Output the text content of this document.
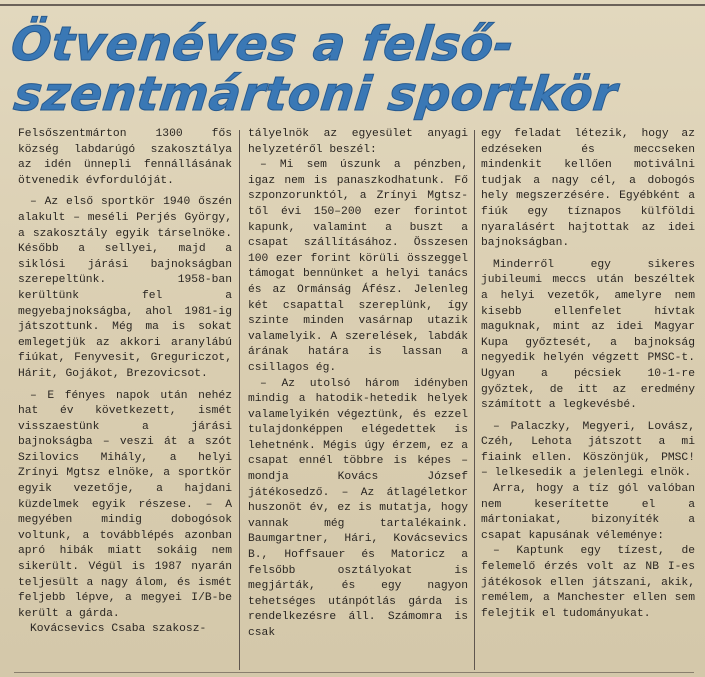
Ötvenéves a felső-
szentmártoni sportkör

Felsőszentmárton 1300 fős község labdarúgó szakosztálya az idén ünnepli fennállásának ötvenedik évfordulóját.

– Az első sportkör 1940 őszén alakult – meséli Perjés György, a szakosztály egyik társelnöke. Később a sellyei, majd a siklósi járási bajnokságban szerepeltünk. 1958-ban kerültünk fel a megyebajnokságba, ahol 1981-ig játszottunk. Még ma is sokat emlegetjük az akkori aranylábú fiúkat, Fenyvesit, Greguriczot, Hárit, Gojákot, Brezovicsot.

– E fényes napok után nehéz hat év következett, ismét visszaestünk a járási bajnokságba – veszi át a szót Szilovics Mihály, a helyi Zrínyi Mgtsz elnöke, a sportkör egyik vezetője, a hajdani küzdelmek egyik részese. – A megyében mindig dobogósok voltunk, a továbblépés azonban apró hibák miatt sokáig nem sikerült. Végül is 1987 nyarán teljesült a nagy álom, és ismét feljebb lépve, a megyei I/B-be került a gárda.

Kovácsevics Csaba szakosz-

tályelnök az egyesület anyagi helyzetéről beszél:

– Mi sem úszunk a pénzben, igaz nem is panaszkodhatunk. Fő szponzorunktól, a Zrínyi Mgtsz-től évi 150–200 ezer forintot kapunk, valamint a buszt a csapat szállításához. Összesen 100 ezer forint körüli összeggel támogat bennünket a helyi tanács és az Ormánság Áfész. Jelenleg két csapattal szereplünk, így szinte minden vasárnap utazik valamelyik. A szerelések, labdák árának határa is lassan a csillagos ég.

– Az utolsó három idényben mindig a hatodik-hetedik helyek valamelyikén végeztünk, és ezzel tulajdonképpen elégedettek is lehetnénk. Mégis úgy érzem, ez a csapat ennél többre is képes – mondja Kovács József játékosedző. – Az átlagéletkor huszonöt év, ez is mutatja, hogy vannak még tartalékaink. Baumgartner, Hári, Kovácsevics B., Hoffsauer és Matoricz a felsőbb osztályokat is megjárták, és egy nagyon tehetséges utánpótlás gárda is rendelkezésre áll. Számomra is csak

egy feladat létezik, hogy az edzéseken és meccseken mindenkit kellően motiválni tudjak a nagy cél, a dobogós hely megszerzésére. Egyébként a fiúk egy tíznapos külföldi nyaralásért hajtottak az idei bajnokságban.

Minderről egy sikeres jubileumi meccs után beszéltek a helyi vezetők, amelyre nem kisebb ellenfelet hívtak maguknak, mint az idei Magyar Kupa győztesét, a bajnokság negyedik helyén végzett PMSC-t. Ugyan a pécsiek 10-1-re győztek, de itt az eredmény számított a legkevésbé.

– Palaczky, Megyeri, Lovász, Czéh, Lehota játszott a mi fiaink ellen. Köszönjük, PMSC! – lelkesedik a jelenlegi elnök.

Arra, hogy a tíz gól valóban nem keserítette el a mártoniakat, bizonyíték a csapat kapusának véleménye:

– Kaptunk egy tízest, de felemelő érzés volt az NB I-es játékosok ellen játszani, akik, remélem, a Manchester ellen sem felejtik el tudományukat.
